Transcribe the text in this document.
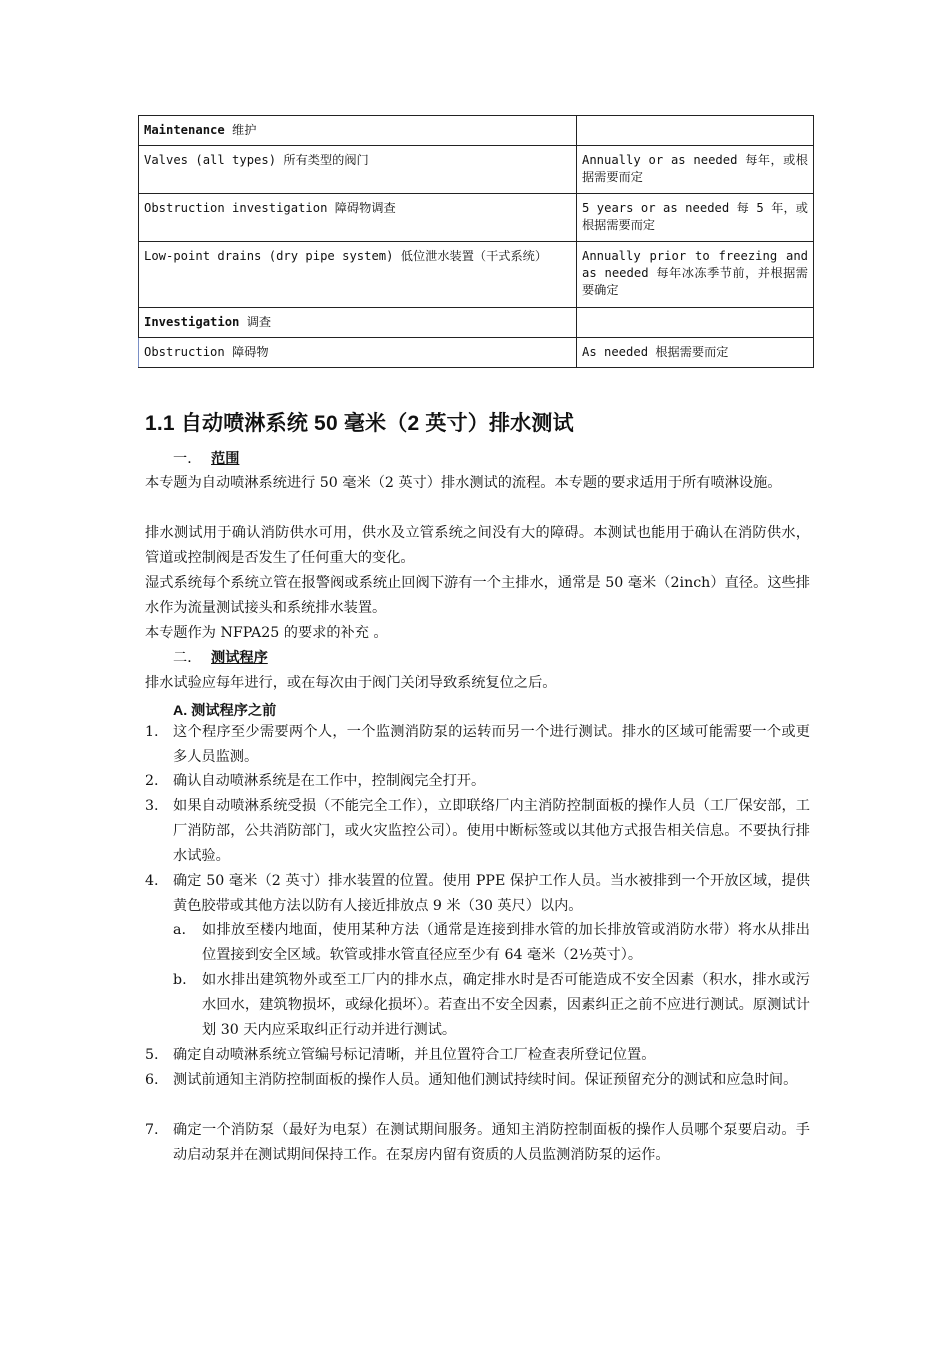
Maintenance 维护	
Valves (all types) 所有类型的阀门	Annually or as needed 每年，或根据需要而定
Obstruction investigation 障碍物调查	5 years or as needed 每 5 年，或根据需要而定
Low-point drains (dry pipe system) 低位泄水装置（干式系统）	Annually prior to freezing and as needed 每年冰冻季节前，并根据需要确定
Investigation 调查	
Obstruction 障碍物	As needed 根据需要而定
1.1 自动喷淋系统 50 毫米（2 英寸）排水测试
一． 范围
本专题为自动喷淋系统进行 50 毫米（2 英寸）排水测试的流程。本专题的要求适用于所有喷淋设施。
排水测试用于确认消防供水可用，供水及立管系统之间没有大的障碍。本测试也能用于确认在消防供水，管道或控制阀是否发生了任何重大的变化。
湿式系统每个系统立管在报警阀或系统止回阀下游有一个主排水，通常是 50 毫米（2inch）直径。这些排水作为流量测试接头和系统排水装置。
本专题作为 NFPA25 的要求的补充 。
二． 测试程序
排水试验应每年进行，或在每次由于阀门关闭导致系统复位之后。
A. 测试程序之前
1. 这个程序至少需要两个人，一个监测消防泵的运转而另一个进行测试。排水的区域可能需要一个或更多人员监测。
2. 确认自动喷淋系统是在工作中，控制阀完全打开。
3. 如果自动喷淋系统受损（不能完全工作），立即联络厂内主消防控制面板的操作人员（工厂保安部，工厂消防部，公共消防部门，或火灾监控公司）。使用中断标签或以其他方式报告相关信息。不要执行排水试验。
4. 确定 50 毫米（2 英寸）排水装置的位置。使用 PPE 保护工作人员。当水被排到一个开放区域，提供黄色胶带或其他方法以防有人接近排放点 9 米（30 英尺）以内。
a. 如排放至楼内地面，使用某种方法（通常是连接到排水管的加长排放管或消防水带）将水从排出位置接到安全区域。软管或排水管直径应至少有 64 毫米（2½英寸）。
b. 如水排出建筑物外或至工厂内的排水点，确定排水时是否可能造成不安全因素（积水，排水或污水回水，建筑物损坏，或绿化损坏）。若查出不安全因素，因素纠正之前不应进行测试。原测试计划 30 天内应采取纠正行动并进行测试。
5. 确定自动喷淋系统立管编号标记清晰，并且位置符合工厂检查表所登记位置。
6. 测试前通知主消防控制面板的操作人员。通知他们测试持续时间。保证预留充分的测试和应急时间。
7. 确定一个消防泵（最好为电泵）在测试期间服务。通知主消防控制面板的操作人员哪个泵要启动。手动启动泵并在测试期间保持工作。在泵房内留有资质的人员监测消防泵的运作。
